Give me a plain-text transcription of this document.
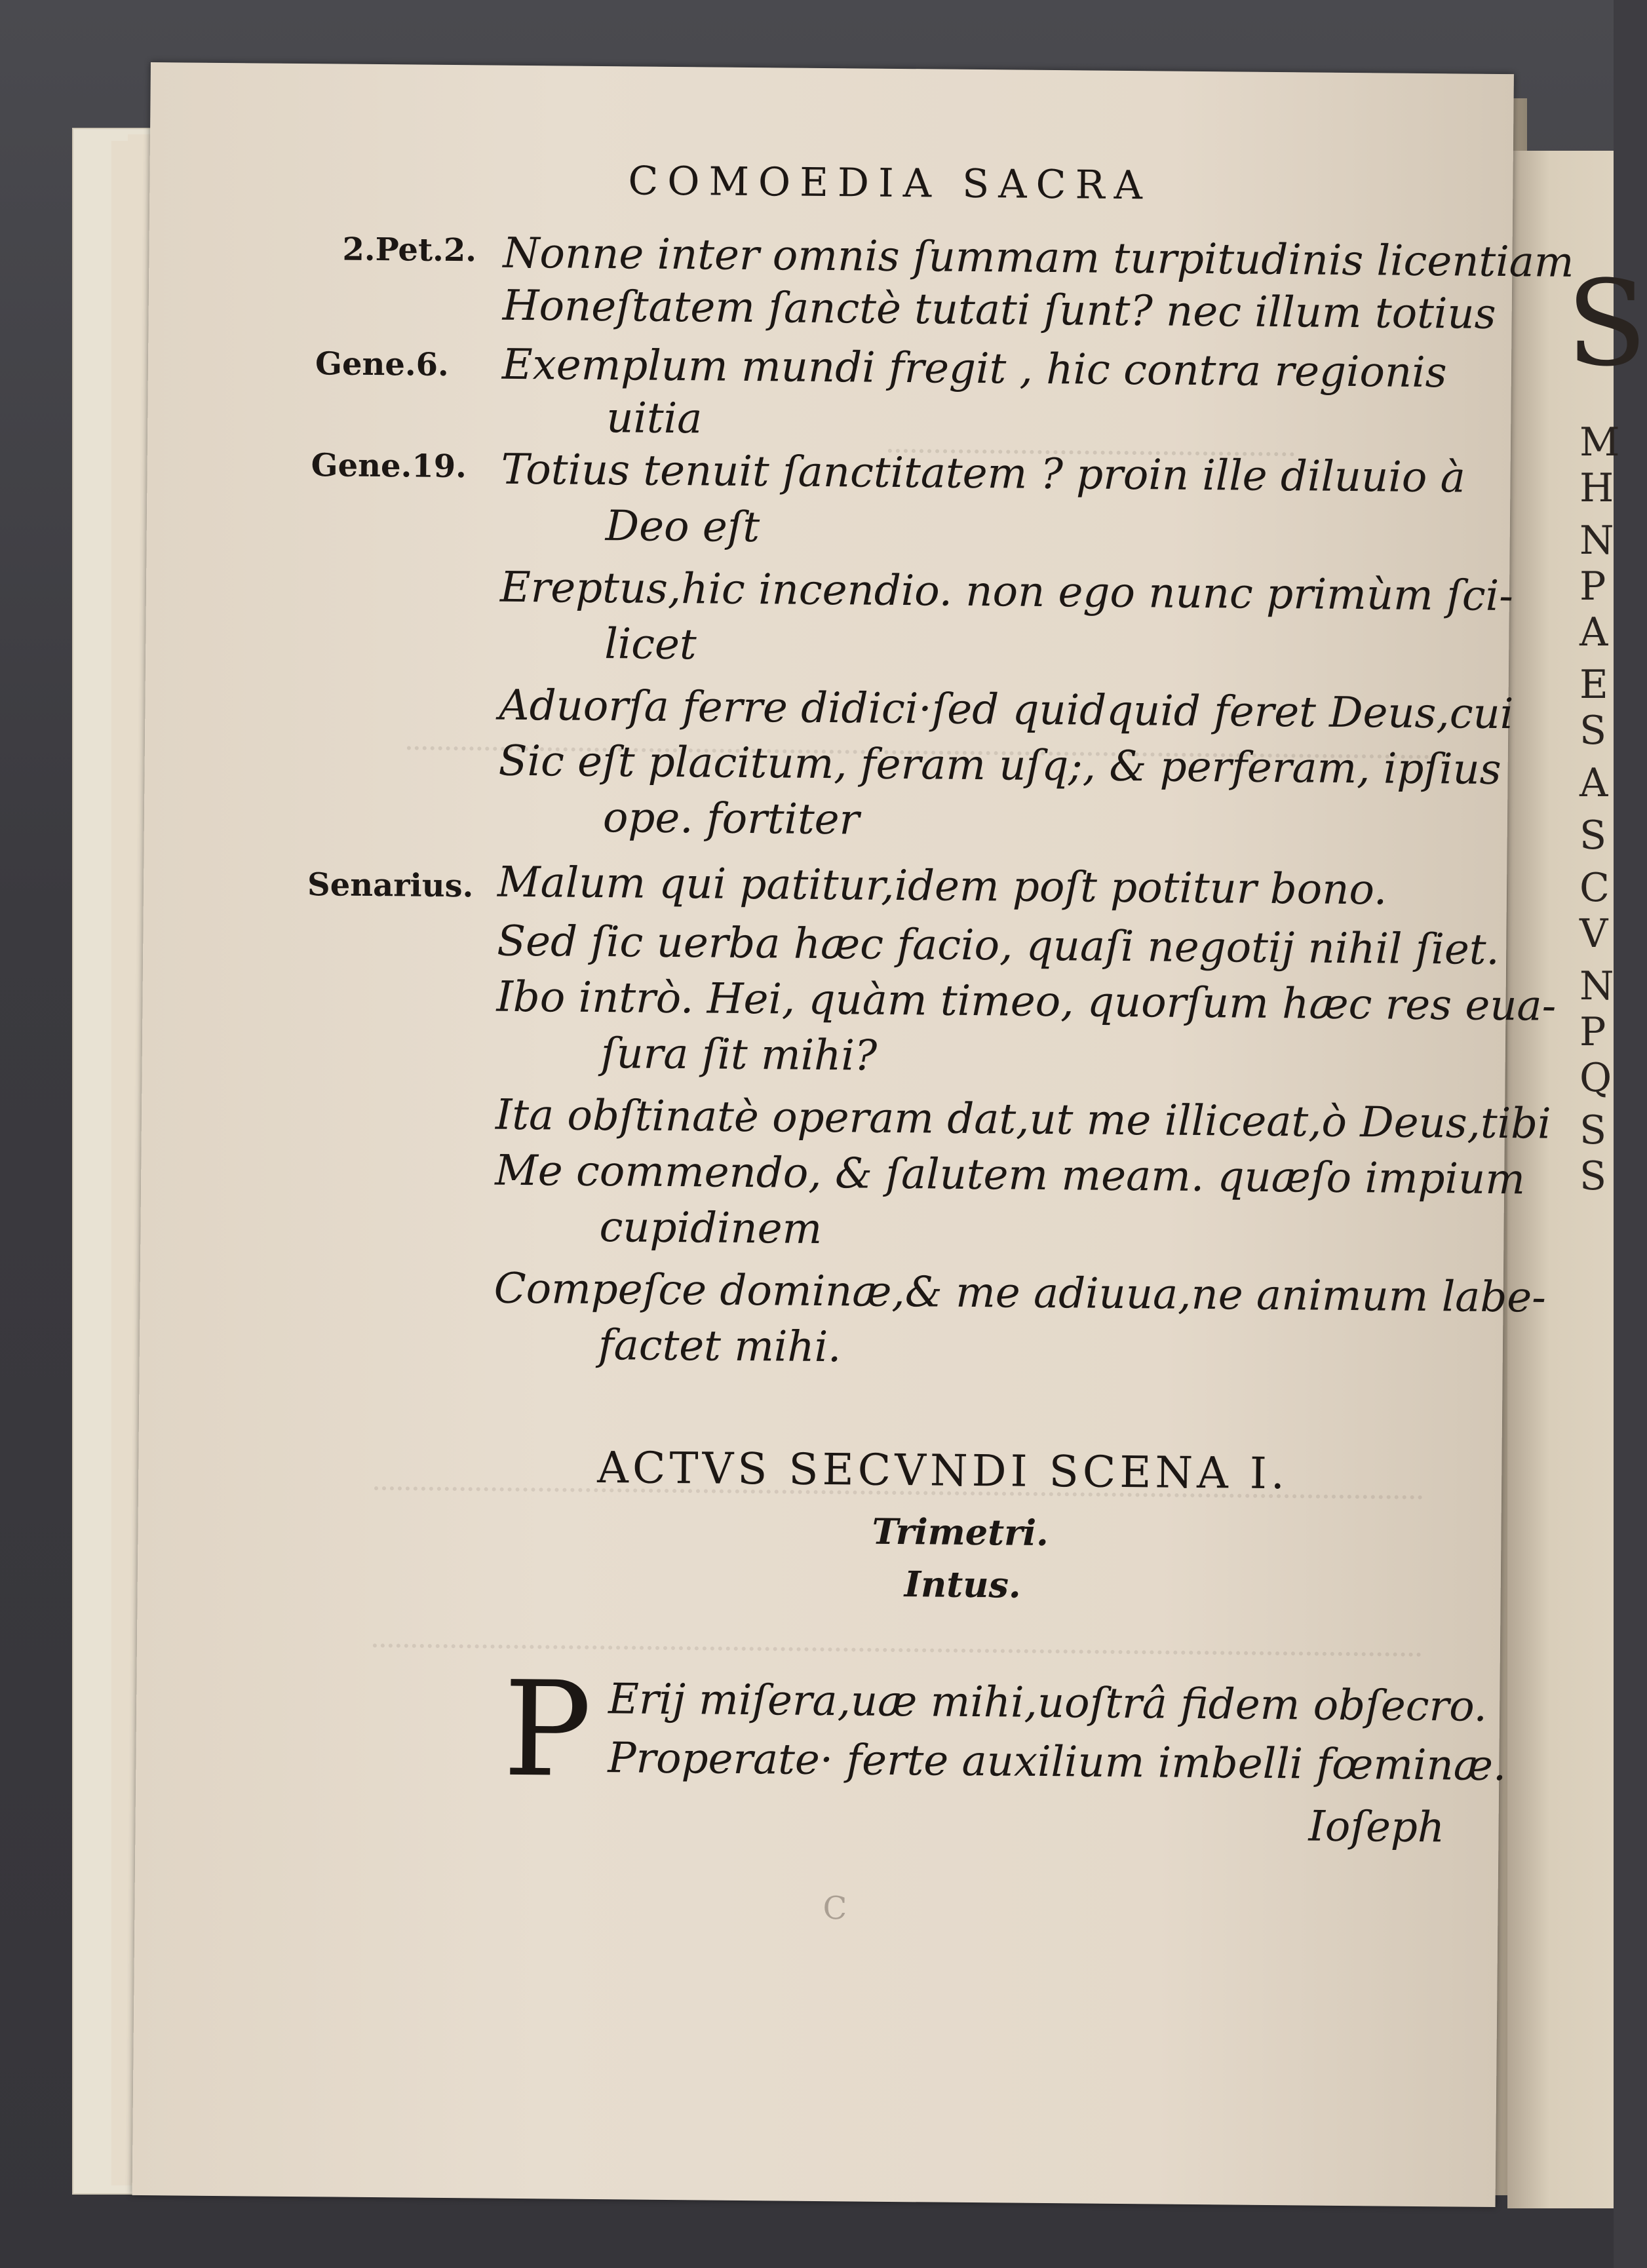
S
M
H
N
P
A
E
S
A
S
C
V
N
P
Q
S
S
COMOEDIA SACRA
2.Pet.2.
Gene.6.
Gene.19.
Senarius.
Nonne inter omnis ſummam turpitudinis licentiam
Honeſtatem ſanctè tutati ſunt? nec illum totius
Exemplum mundi fregit , hic contra regionis
uitia
Totius tenuit ſanctitatem ? proin ille diluuio à
Deo eſt
Ereptus,hic incendio. non ego nunc primùm ſci-
licet
Aduorſa ferre didici·ſed quidquid feret Deus,cui
Sic eſt placitum, feram uſq;, & perferam, ipſius
ope. fortiter
Malum qui patitur,idem poſt potitur bono.
Sed ſic uerba hæc facio, quaſi negotij nihil ſiet.
Ibo intrò. Hei, quàm timeo, quorſum hæc res eua-
ſura ſit mihi?
Ita obſtinatè operam dat,ut me illiceat,ò Deus,tibi
Me commendo, & ſalutem meam. quæſo impium
cupidinem
Compeſce dominæ,& me adiuua,ne animum labe-
factet mihi.
ACTVS SECVNDI SCENA I.
Trimetri.
Intus.
P Erij miſera,uæ mihi,uoſtrâ fidem obſecro.
Properate· ferte auxilium imbelli fœminæ.
Ioſeph
C
